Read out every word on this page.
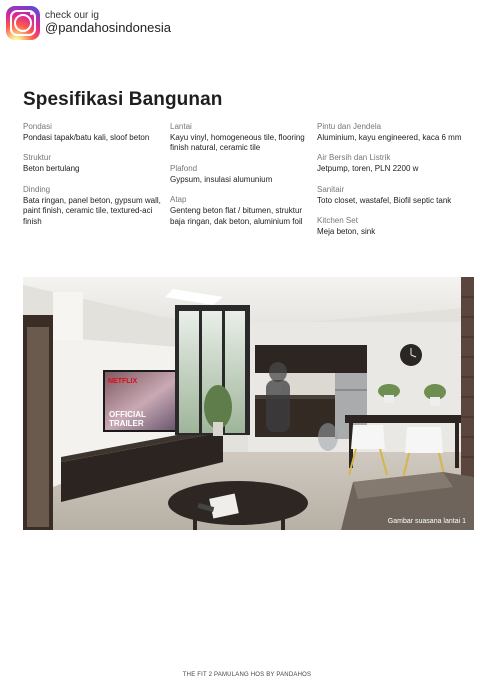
check our ig
@pandahosindonesia
Spesifikasi Bangunan
Pondasi
Pondasi tapak/batu kali, sloof beton
Struktur
Beton bertulang
Dinding
Bata ringan, panel beton, gypsum wall, paint finish, ceramic tile, textured-aci finish
Lantai
Kayu vinyl, homogeneous tile, flooring finish natural, ceramic tile
Plafond
Gypsum, insulasi alumunium
Atap
Genteng beton flat / bitumen, struktur baja ringan, dak beton, aluminium foil
Pintu dan Jendela
Aluminium, kayu engineered, kaca 6 mm
Air Bersih dan Listrik
Jetpump, toren, PLN 2200 w
Sanitair
Toto closet, wastafel, Biofil septic tank
Kitchen Set
Meja beton, sink
NETFLIX
OFFICIAL
TRAILER
Gambar suasana lantai 1
THE FIT 2 PAMULANG HOS BY PANDAHOS
